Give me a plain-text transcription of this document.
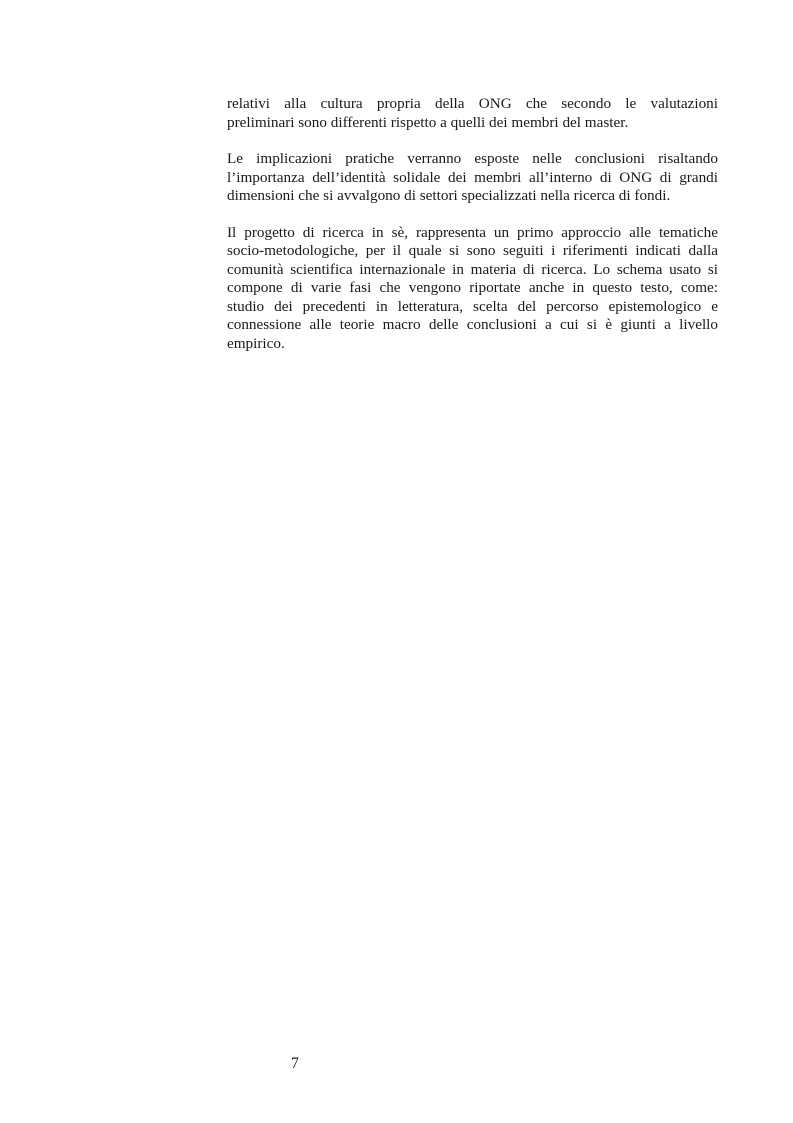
relativi alla cultura propria della ONG che secondo le valutazioni
preliminari sono differenti rispetto a quelli dei membri del master.

Le implicazioni pratiche verranno esposte nelle conclusioni risaltando
l’importanza dell’identità solidale dei membri all’interno di ONG di grandi
dimensioni che si avvalgono di settori specializzati nella ricerca di fondi.

Il progetto di ricerca in sè, rappresenta un primo approccio alle tematiche
socio-metodologiche, per il quale si sono seguiti i riferimenti indicati dalla
comunità scientifica internazionale in materia di ricerca. Lo schema usato si
compone di varie fasi che vengono riportate anche in questo testo, come:
studio dei precedenti in letteratura, scelta del percorso epistemologico e
connessione alle teorie macro delle conclusioni a cui si è giunti a livello
empirico.

7
